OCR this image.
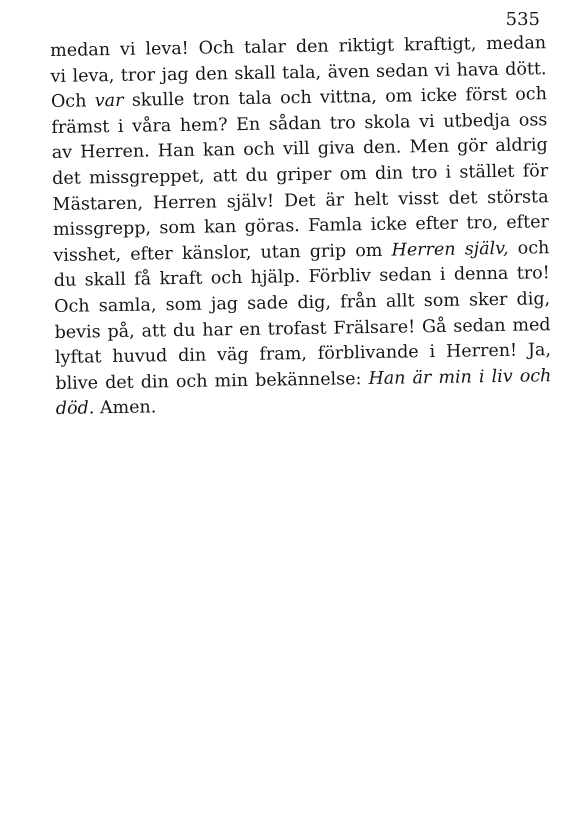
535
medan vi leva! Och talar den riktigt kraftigt, medan
vi leva, tror jag den skall tala, även sedan vi hava dött.
Och var skulle tron tala och vittna, om icke först och
främst i våra hem? En sådan tro skola vi utbedja oss
av Herren. Han kan och vill giva den. Men gör aldrig
det missgreppet, att du griper om din tro i stället för
Mästaren, Herren själv! Det är helt visst det största
missgrepp, som kan göras. Famla icke efter tro, efter
visshet, efter känslor, utan grip om Herren själv, och
du skall få kraft och hjälp. Förbliv sedan i denna tro!
Och samla, som jag sade dig, från allt som sker dig,
bevis på, att du har en trofast Frälsare! Gå sedan med
lyftat huvud din väg fram, förblivande i Herren! Ja,
blive det din och min bekännelse: Han är min i liv och
död. Amen.
